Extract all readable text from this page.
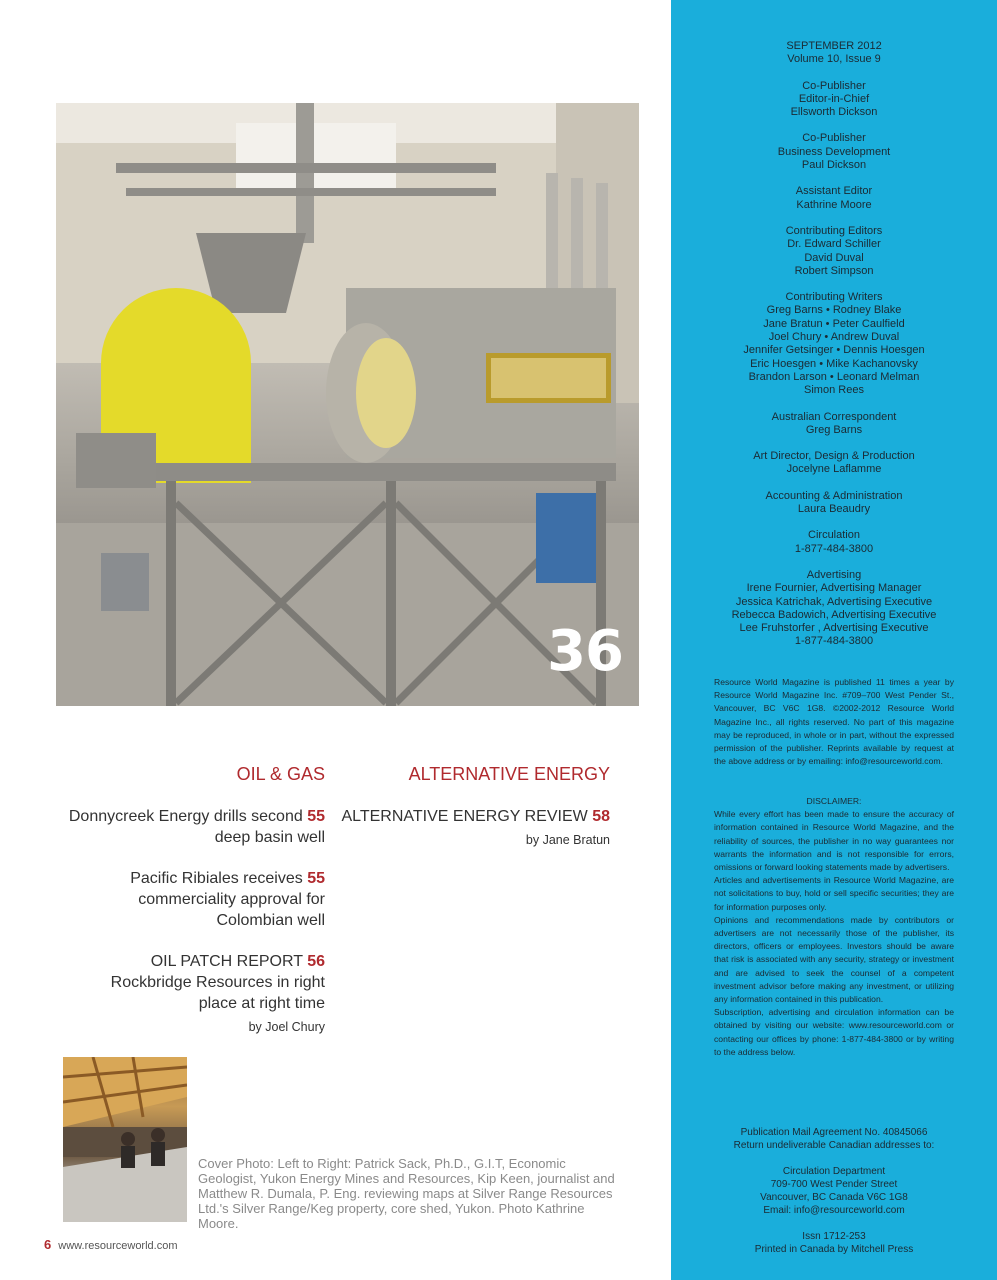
36
OIL & GAS
Donnycreek Energy drills second 55
deep basin well
Pacific Ribiales receives 55
commerciality approval for
Colombian well
OIL PATCH REPORT 56
Rockbridge Resources in right
place at right time
by Joel Chury
ALTERNATIVE ENERGY
ALTERNATIVE ENERGY REVIEW 58
by Jane Bratun
Cover Photo: Left to Right: Patrick Sack, Ph.D., G.I.T, Economic Geologist, Yukon Energy Mines and Resources, Kip Keen, journalist and Matthew R. Dumala, P. Eng. reviewing maps at Silver Range Resources Ltd.'s Silver Range/Keg property, core shed, Yukon. Photo Kathrine Moore.
6 www.resourceworld.com
SEPTEMBER 2012
Volume 10, Issue 9
Co-Publisher
Editor-in-Chief
Ellsworth Dickson
Co-Publisher
Business Development
Paul Dickson
Assistant Editor
Kathrine Moore
Contributing Editors
Dr. Edward Schiller
David Duval
Robert Simpson
Contributing Writers
Greg Barns • Rodney Blake
Jane Bratun • Peter Caulfield
Joel Chury • Andrew Duval
Jennifer Getsinger • Dennis Hoesgen
Eric Hoesgen • Mike Kachanovsky
Brandon Larson • Leonard Melman
Simon Rees
Australian Correspondent
Greg Barns
Art Director, Design & Production
Jocelyne Laflamme
Accounting & Administration
Laura Beaudry
Circulation
1-877-484-3800
Advertising
Irene Fournier, Advertising Manager
Jessica Katrichak, Advertising Executive
Rebecca Badowich, Advertising Executive
Lee Fruhstorfer , Advertising Executive
1-877-484-3800

Resource World Magazine is published 11 times a year by Resource World Magazine Inc. #709–700 West Pender St., Vancouver, BC V6C 1G8. ©2002-2012 Resource World Magazine Inc., all rights reserved. No part of this magazine may be reproduced, in whole or in part, without the expressed permission of the publisher. Reprints available by request at the above address or by emailing: info@resourceworld.com.

DISCLAIMER:

While every effort has been made to ensure the accuracy of information contained in Resource World Magazine, and the reliability of sources, the publisher in no way guarantees nor warrants the information and is not responsible for errors, omissions or forward looking statements made by advertisers.

Articles and advertisements in Resource World Magazine, are not solicitations to buy, hold or sell specific securities; they are for information purposes only.

Opinions and recommendations made by contributors or advertisers are not necessarily those of the publisher, its directors, officers or employees. Investors should be aware that risk is associated with any security, strategy or investment and are advised to seek the counsel of a competent investment advisor before making any investment, or utilizing any information contained in this publication.

Subscription, advertising and circulation information can be obtained by visiting our website: www.resourceworld.com or contacting our offices by phone: 1-877-484-3800 or by writing to the address below.

Publication Mail Agreement No. 40845066
Return undeliverable Canadian addresses to:
Circulation Department
709-700 West Pender Street
Vancouver, BC Canada V6C 1G8
Email: info@resourceworld.com
Issn 1712-253
Printed in Canada by Mitchell Press
